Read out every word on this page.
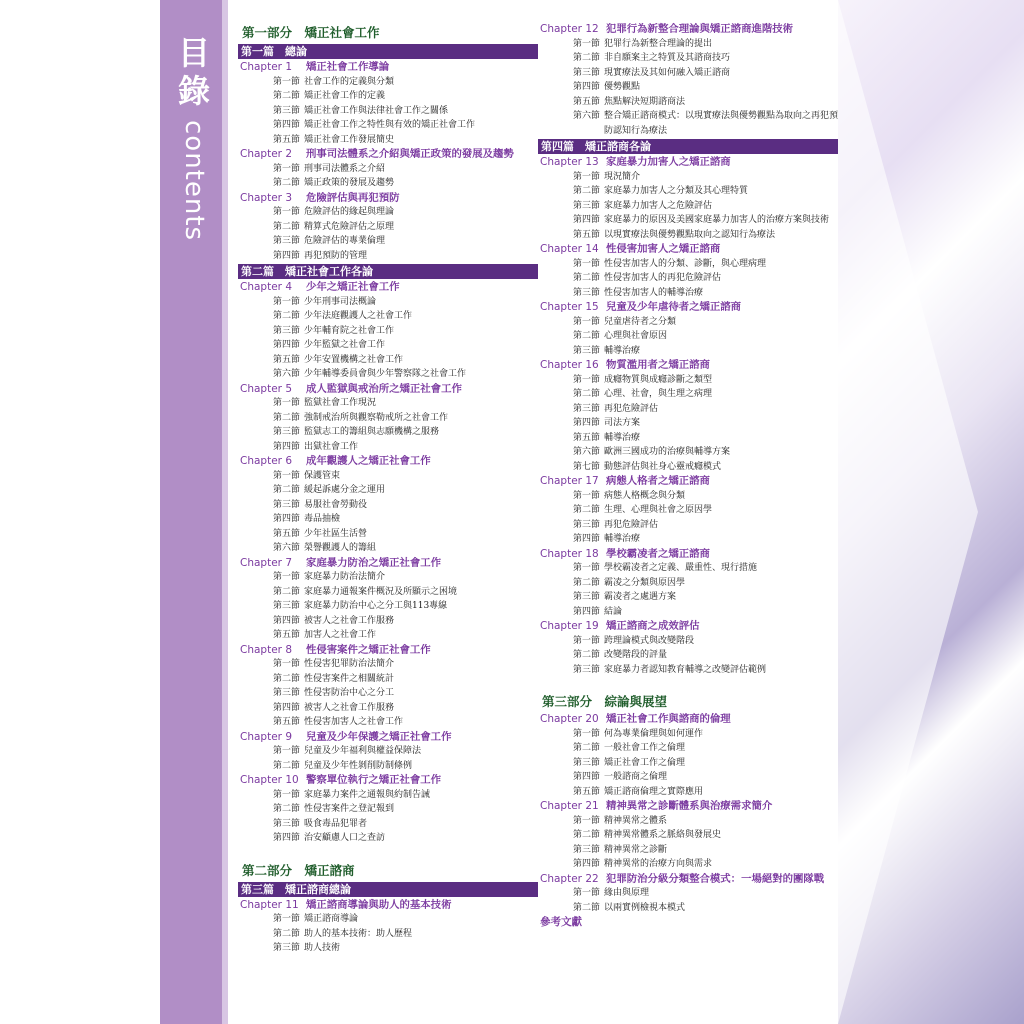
目錄
contents
第一部分　矯正社會工作
第一篇　總論
Chapter 1	矯正社會工作導論
第一節 社會工作的定義與分類
第二節 矯正社會工作的定義
第三節 矯正社會工作與法律社會工作之關係
第四節 矯正社會工作之特性與有效的矯正社會工作
第五節 矯正社會工作發展簡史
Chapter 2	刑事司法體系之介紹與矯正政策的發展及趨勢
第一節 刑事司法體系之介紹
第二節 矯正政策的發展及趨勢
Chapter 3	危險評估與再犯預防
第一節 危險評估的緣起與理論
第二節 精算式危險評估之原理
第三節 危險評估的專業倫理
第四節 再犯預防的管理
第二篇　矯正社會工作各論
Chapter 4	少年之矯正社會工作
第一節 少年刑事司法概論
第二節 少年法庭觀護人之社會工作
第三節 少年輔育院之社會工作
第四節 少年監獄之社會工作
第五節 少年安置機構之社會工作
第六節 少年輔導委員會與少年警察隊之社會工作
Chapter 5	成人監獄與戒治所之矯正社會工作
第一節 監獄社會工作現況
第二節 強制戒治所與觀察勒戒所之社會工作
第三節 監獄志工的籌組與志願機構之服務
第四節 出獄社會工作
Chapter 6	成年觀護人之矯正社會工作
第一節 保護管束
第二節 緩起訴處分金之運用
第三節 易服社會勞動役
第四節 毒品抽檢
第五節 少年社區生活營
第六節 榮譽觀護人的籌組
Chapter 7	家庭暴力防治之矯正社會工作
第一節 家庭暴力防治法簡介
第二節 家庭暴力通報案件概況及所顯示之困境
第三節 家庭暴力防治中心之分工與113專線
第四節 被害人之社會工作服務
第五節 加害人之社會工作
Chapter 8	性侵害案件之矯正社會工作
第一節 性侵害犯罪防治法簡介
第二節 性侵害案件之相關統計
第三節 性侵害防治中心之分工
第四節 被害人之社會工作服務
第五節 性侵害加害人之社會工作
Chapter 9	兒童及少年保護之矯正社會工作
第一節 兒童及少年福利與權益保障法
第二節 兒童及少年性剝削防制條例
Chapter 10 警察單位執行之矯正社會工作
第一節 家庭暴力案件之通報與約制告誡
第二節 性侵害案件之登記報到
第三節 吸食毒品犯罪者
第四節 治安顧慮人口之查訪
第二部分　矯正諮商
第三篇　矯正諮商總論
Chapter 11 矯正諮商導論與助人的基本技術
第一節 矯正諮商導論
第二節 助人的基本技術：助人歷程
第三節 助人技術
Chapter 12 犯罪行為新整合理論與矯正諮商進階技術
第一節 犯罪行為新整合理論的提出
第二節 非自願案主之特質及其諮商技巧
第三節 現實療法及其如何融入矯正諮商
第四節 優勢觀點
第五節 焦點解決短期諮商法
第六節 整合矯正諮商模式：以現實療法與優勢觀點為取向之再犯預防認知行為療法
第四篇　矯正諮商各論
Chapter 13 家庭暴力加害人之矯正諮商
第一節 現況簡介
第二節 家庭暴力加害人之分類及其心理特質
第三節 家庭暴力加害人之危險評估
第四節 家庭暴力的原因及美國家庭暴力加害人的治療方案與技術
第五節 以現實療法與優勢觀點取向之認知行為療法
Chapter 14 性侵害加害人之矯正諮商
第一節 性侵害加害人的分類、診斷，與心理病理
第二節 性侵害加害人的再犯危險評估
第三節 性侵害加害人的輔導治療
Chapter 15 兒童及少年虐待者之矯正諮商
第一節 兒童虐待者之分類
第二節 心理與社會原因
第三節 輔導治療
Chapter 16 物質濫用者之矯正諮商
第一節 成癮物質與成癮診斷之類型
第二節 心理、社會，與生理之病理
第三節 再犯危險評估
第四節 司法方案
第五節 輔導治療
第六節 歐洲三國成功的治療與輔導方案
第七節 動態評估與社身心靈戒癮模式
Chapter 17 病態人格者之矯正諮商
第一節 病態人格概念與分類
第二節 生理、心理與社會之原因學
第三節 再犯危險評估
第四節 輔導治療
Chapter 18 學校霸凌者之矯正諮商
第一節 學校霸凌者之定義、嚴重性、現行措施
第二節 霸凌之分類與原因學
第三節 霸凌者之處遇方案
第四節 結論
Chapter 19 矯正諮商之成效評估
第一節 跨理論模式與改變階段
第二節 改變階段的評量
第三節 家庭暴力者認知教育輔導之改變評估範例
第三部分　綜論與展望
Chapter 20 矯正社會工作與諮商的倫理
第一節 何為專業倫理與如何運作
第二節 一般社會工作之倫理
第三節 矯正社會工作之倫理
第四節 一般諮商之倫理
第五節 矯正諮商倫理之實際應用
Chapter 21 精神異常之診斷體系與治療需求簡介
第一節 精神異常之體系
第二節 精神異常體系之脈絡與發展史
第三節 精神異常之診斷
第四節 精神異常的治療方向與需求
Chapter 22 犯罪防治分級分類整合模式：一場絕對的團隊戰
第一節 緣由與原理
第二節 以兩實例檢視本模式
參考文獻
